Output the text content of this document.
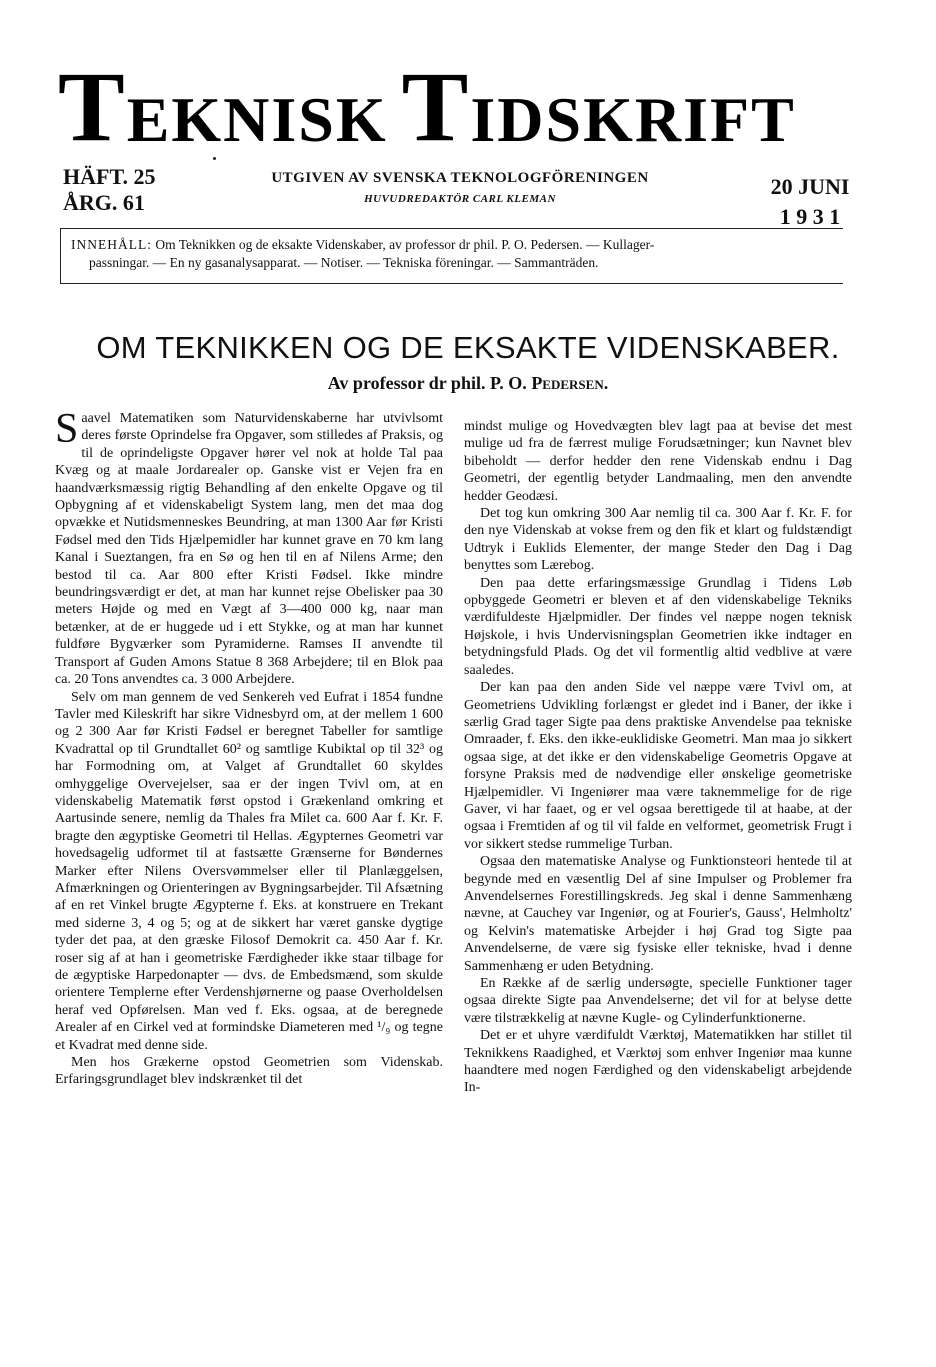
T EKNISK T IDSKRIFT
HÄFT. 25
ÅRG. 61
UTGIVEN AV SVENSKA TEKNOLOGFÖRENINGEN
HUVUDREDAKTÖR CARL KLEMAN	20 JUNI
1 9 3 1
INNEHÅLL: Om Teknikken og de eksakte Videnskaber, av professor dr phil. P. O. Pedersen. — Kullager-
passningar. — En ny gasanalysapparat. — Notiser. — Tekniska föreningar. — Sammanträden.
OM TEKNIKKEN OG DE EKSAKTE VIDENSKABER.
Av professor dr phil. P. O. Pedersen.

Saavel Matematiken som Naturvidenskaberne har utvivlsomt deres første Oprindelse fra Opgaver, som stilledes af Praksis, og til de oprindeligste Opgaver hører vel nok at holde Tal paa Kvæg og at maale Jordarealer op. Ganske vist er Vejen fra en haandværksmæssig rigtig Behandling af den enkelte Opgave og til Opbygning af et videnskabeligt System lang, men det maa dog opvække et Nutidsmenneskes Beundring, at man 1300 Aar før Kristi Fødsel med den Tids Hjælpemidler har kunnet grave en 70 km lang Kanal i Sueztangen, fra en Sø og hen til en af Nilens Arme; den bestod til ca. Aar 800 efter Kristi Fødsel. Ikke mindre beundringsværdigt er det, at man har kunnet rejse Obelisker paa 30 meters Højde og med en Vægt af 3—400 000 kg, naar man betænker, at de er huggede ud i ett Stykke, og at man har kunnet fuldføre Bygværker som Pyramiderne. Ramses II anvendte til Transport af Guden Amons Statue 8 368 Arbejdere; til en Blok paa ca. 20 Tons anvendtes ca. 3 000 Arbejdere.

Selv om man gennem de ved Senkereh ved Eufrat i 1854 fundne Tavler med Kileskrift har sikre Vidnesbyrd om, at der mellem 1 600 og 2 300 Aar før Kristi Fødsel er beregnet Tabeller for samtlige Kvadrattal op til Grundtallet 60² og samtlige Kubiktal op til 32³ og har Formodning om, at Valget af Grundtallet 60 skyldes omhyggelige Overvejelser, saa er der ingen Tvivl om, at en videnskabelig Matematik først opstod i Grækenland omkring et Aartusinde senere, nemlig da Thales fra Milet ca. 600 Aar f. Kr. F. bragte den ægyptiske Geometri til Hellas. Ægypternes Geometri var hovedsagelig udformet til at fastsætte Grænserne for Bøndernes Marker efter Nilens Oversvømmelser eller til Planlæggelsen, Afmærkningen og Orienteringen av Bygningsarbejder. Til Afsætning af en ret Vinkel brugte Ægypterne f. Eks. at konstruere en Trekant med siderne 3, 4 og 5; og at de sikkert har været ganske dygtige tyder det paa, at den græske Filosof Demokrit ca. 450 Aar f. Kr. roser sig af at han i geometriske Færdigheder ikke staar tilbage for de ægyptiske Harpedonapter — dvs. de Embedsmænd, som skulde orientere Templerne efter Verdenshjørnerne og paase Overholdelsen heraf ved Opførelsen. Man ved f. Eks. ogsaa, at de beregnede Arealer af en Cirkel ved at formindske Diameteren med ¹/₉ og tegne et Kvadrat med denne side.

Men hos Grækerne opstod Geometrien som Videnskab. Erfaringsgrundlaget blev indskrænket til det

mindst mulige og Hovedvægten blev lagt paa at bevise det mest mulige ud fra de færrest mulige Forudsætninger; kun Navnet blev bibeholdt — derfor hedder den rene Videnskab endnu i Dag Geometri, der egentlig betyder Landmaaling, men den anvendte hedder Geodæsi.

Det tog kun omkring 300 Aar nemlig til ca. 300 Aar f. Kr. F. for den nye Videnskab at vokse frem og den fik et klart og fuldstændigt Udtryk i Euklids Elementer, der mange Steder den Dag i Dag benyttes som Lærebog.

Den paa dette erfaringsmæssige Grundlag i Tidens Løb opbyggede Geometri er bleven et af den videnskabelige Tekniks værdifuldeste Hjælpmidler. Der findes vel næppe nogen teknisk Højskole, i hvis Undervisningsplan Geometrien ikke indtager en betydningsfuld Plads. Og det vil formentlig altid vedblive at være saaledes.

Der kan paa den anden Side vel næppe være Tvivl om, at Geometriens Udvikling forlængst er gledet ind i Baner, der ikke i særlig Grad tager Sigte paa dens praktiske Anvendelse paa tekniske Omraader, f. Eks. den ikke-euklidiske Geometri. Man maa jo sikkert ogsaa sige, at det ikke er den videnskabelige Geometris Opgave at forsyne Praksis med de nødvendige eller ønskelige geometriske Hjælpemidler. Vi Ingeniører maa være taknemmelige for de rige Gaver, vi har faaet, og er vel ogsaa berettigede til at haabe, at der ogsaa i Fremtiden af og til vil falde en velformet, geometrisk Frugt i vor sikkert stedse rummelige Turban.

Ogsaa den matematiske Analyse og Funktionsteori hentede til at begynde med en væsentlig Del af sine Impulser og Problemer fra Anvendelsernes Forestillingskreds. Jeg skal i denne Sammenhæng nævne, at Cauchey var Ingeniør, og at Fourier's, Gauss', Helmholtz' og Kelvin's matematiske Arbejder i høj Grad tog Sigte paa Anvendelserne, de være sig fysiske eller tekniske, hvad i denne Sammenhæng er uden Betydning.

En Række af de særlig undersøgte, specielle Funktioner tager ogsaa direkte Sigte paa Anvendelserne; det vil for at belyse dette være tilstrækkelig at nævne Kugle- og Cylinderfunktionerne.

Det er et uhyre værdifuldt Værktøj, Matematikken har stillet til Teknikkens Raadighed, et Værktøj som enhver Ingeniør maa kunne haandtere med nogen Færdighed og den videnskabeligt arbejdende In-
